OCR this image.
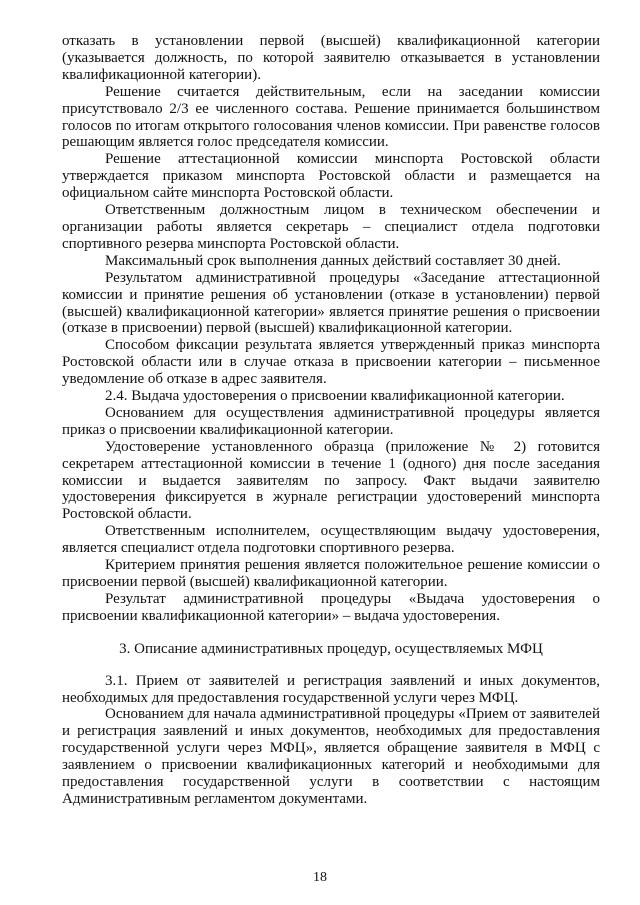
отказать в установлении первой (высшей) квалификационной категории (указывается должность, по которой заявителю отказывается в установлении квалификационной категории).

Решение считается действительным, если на заседании комиссии присутствовало 2/3 ее численного состава. Решение принимается большинством голосов по итогам открытого голосования членов комиссии. При равенстве голосов решающим является голос председателя комиссии.

Решение аттестационной комиссии минспорта Ростовской области утверждается приказом минспорта Ростовской области и размещается на официальном сайте минспорта Ростовской области.

Ответственным должностным лицом в техническом обеспечении и организации работы является секретарь – специалист отдела подготовки спортивного резерва минспорта Ростовской области.

Максимальный срок выполнения данных действий составляет 30 дней.

Результатом административной процедуры «Заседание аттестационной комиссии и принятие решения об установлении (отказе в установлении) первой (высшей) квалификационной категории» является принятие решения о присвоении (отказе в присвоении) первой (высшей) квалификационной категории.

Способом фиксации результата является утвержденный приказ минспорта Ростовской области или в случае отказа в присвоении категории – письменное уведомление об отказе в адрес заявителя.

2.4. Выдача удостоверения о присвоении квалификационной категории.

Основанием для осуществления административной процедуры является приказ о присвоении квалификационной категории.

Удостоверение установленного образца (приложение № 2) готовится секретарем аттестационной комиссии в течение 1 (одного) дня после заседания комиссии и выдается заявителям по запросу. Факт выдачи заявителю удостоверения фиксируется в журнале регистрации удостоверений минспорта Ростовской области.

Ответственным исполнителем, осуществляющим выдачу удостоверения, является специалист отдела подготовки спортивного резерва.

Критерием принятия решения является положительное решение комиссии о присвоении первой (высшей) квалификационной категории.

Результат административной процедуры «Выдача удостоверения о присвоении квалификационной категории» – выдача удостоверения.

3. Описание административных процедур, осуществляемых МФЦ

3.1. Прием от заявителей и регистрация заявлений и иных документов, необходимых для предоставления государственной услуги через МФЦ.

Основанием для начала административной процедуры «Прием от заявителей и регистрация заявлений и иных документов, необходимых для предоставления государственной услуги через МФЦ», является обращение заявителя в МФЦ с заявлением о присвоении квалификационных категорий и необходимыми для предоставления государственной услуги в соответствии с настоящим Административным регламентом документами.

18
